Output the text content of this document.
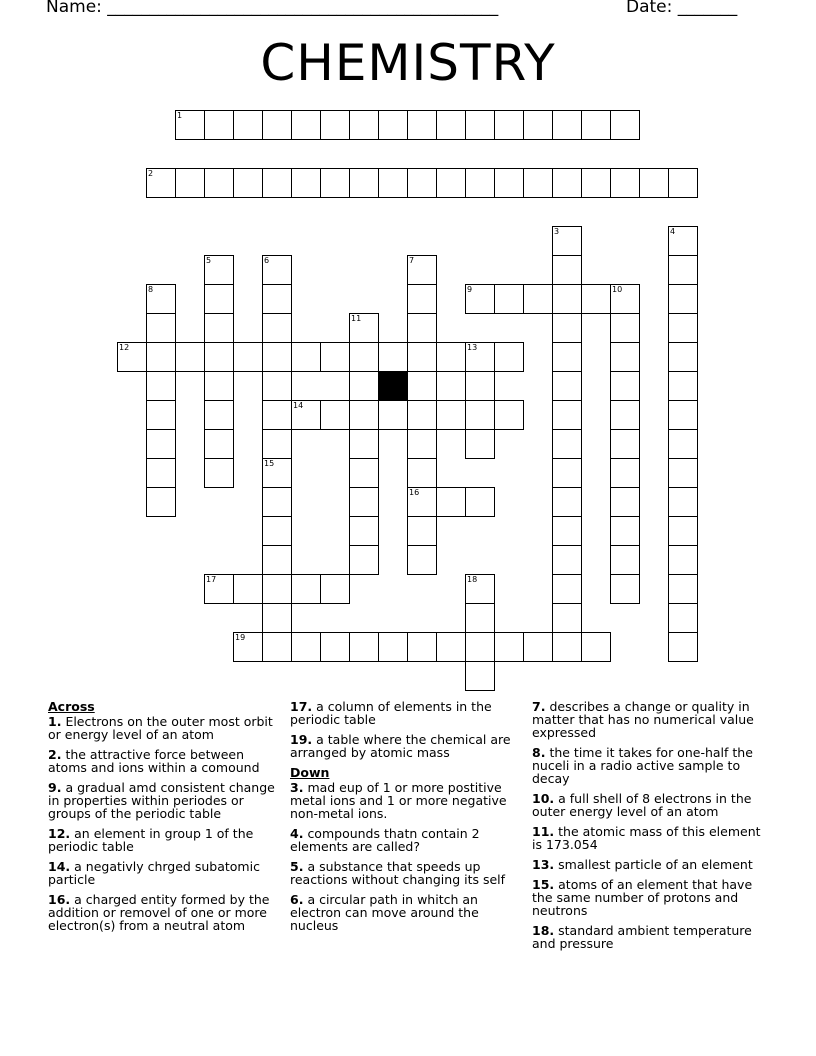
Name: ______________________________________________	Date: _______
CHEMISTRY
1
2
3	4
5	6	7
8	9	10
11
12	13
14
15
16
17	18
19
Across
1. Electrons on the outer most orbit or energy level of an atom
2. the attractive force between atoms and ions within a comound
9. a gradual amd consistent change in properties within periodes or groups of the periodic table
12. an element in group 1 of the periodic table
14. a negativly chrged subatomic particle
16. a charged entity formed by the addition or removel of one or more electron(s) from a neutral atom
17. a column of elements in the periodic table
19. a table where the chemical are arranged by atomic mass
Down
3. mad eup of 1 or more postitive metal ions and 1 or more negative non-metal ions.
4. compounds thatn contain 2 elements are called?
5. a substance that speeds up reactions without changing its self
6. a circular path in whitch an electron can move around the nucleus
7. describes a change or quality in matter that has no numerical value expressed
8. the time it takes for one-half the nuceli in a radio active sample to decay
10. a full shell of 8 electrons in the outer energy level of an atom
11. the atomic mass of this element is 173.054
13. smallest particle of an element
15. atoms of an element that have the same number of protons and neutrons
18. standard ambient temperature and pressure
